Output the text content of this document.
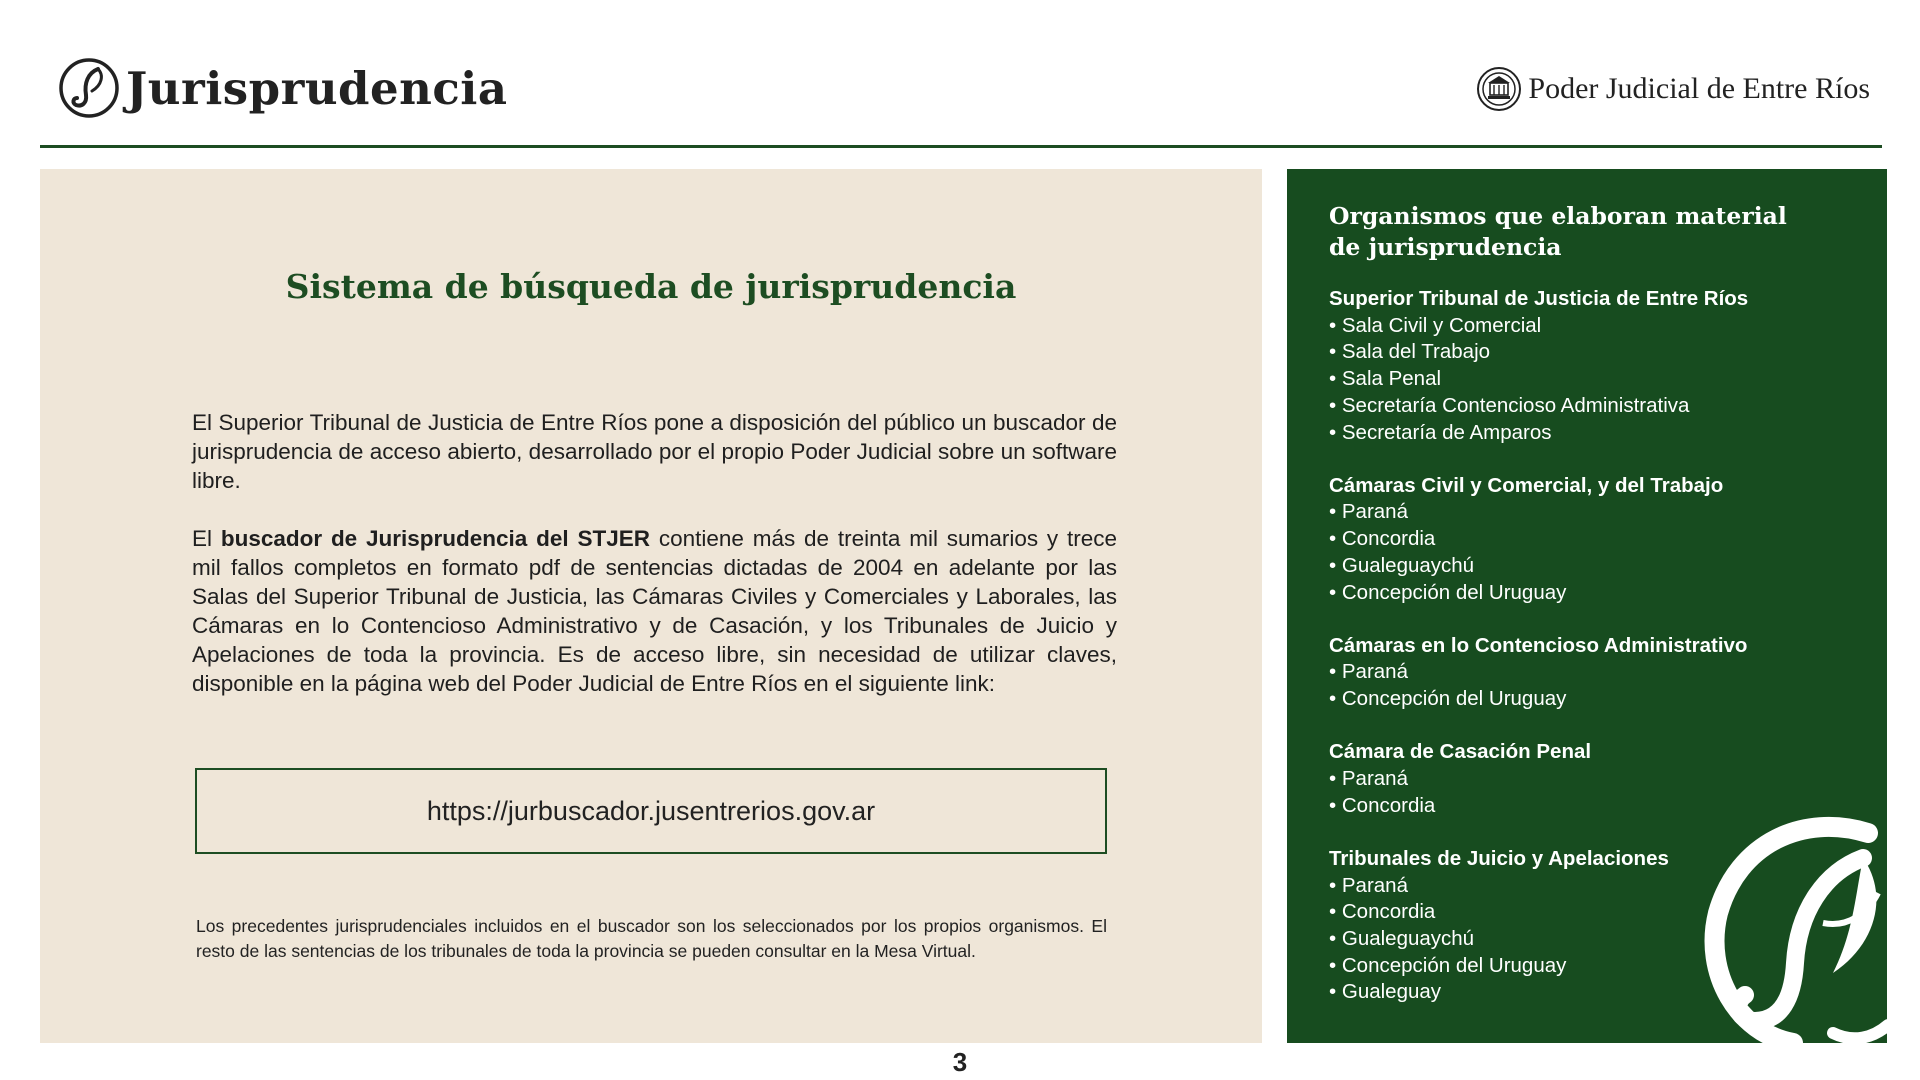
Jurisprudencia	Poder Judicial de Entre Ríos
Sistema de búsqueda de jurisprudencia
El Superior Tribunal de Justicia de Entre Ríos pone a disposición del público un buscador de jurisprudencia de acceso abierto, desarrollado por el propio Poder Judicial sobre un software libre.
El buscador de Jurisprudencia del STJER contiene más de treinta mil sumarios y trece mil fallos completos en formato pdf de sentencias dictadas de 2004 en adelante por las Salas del Superior Tribunal de Justicia, las Cámaras Civiles y Comerciales y Laborales, las Cámaras en lo Contencioso Administrativo y de Casación, y los Tribunales de Juicio y Apelaciones de toda la provincia. Es de acceso libre, sin necesidad de utilizar claves, disponible en la página web del Poder Judicial de Entre Ríos en el siguiente link:
https://jurbuscador.jusentrerios.gov.ar
Los precedentes jurisprudenciales incluidos en el buscador son los seleccionados por los propios organismos. El resto de las sentencias de los tribunales de toda la provincia se pueden consultar en la Mesa Virtual.
Organismos que elaboran material
de jurisprudencia
Superior Tribunal de Justicia de Entre Ríos
• Sala Civil y Comercial
• Sala del Trabajo
• Sala Penal
• Secretaría Contencioso Administrativa
• Secretaría de Amparos
Cámaras Civil y Comercial, y del Trabajo
• Paraná
• Concordia
• Gualeguaychú
• Concepción del Uruguay
Cámaras en lo Contencioso Administrativo
• Paraná
• Concepción del Uruguay
Cámara de Casación Penal
• Paraná
• Concordia
Tribunales de Juicio y Apelaciones
• Paraná
• Concordia
• Gualeguaychú
• Concepción del Uruguay
• Gualeguay
3
